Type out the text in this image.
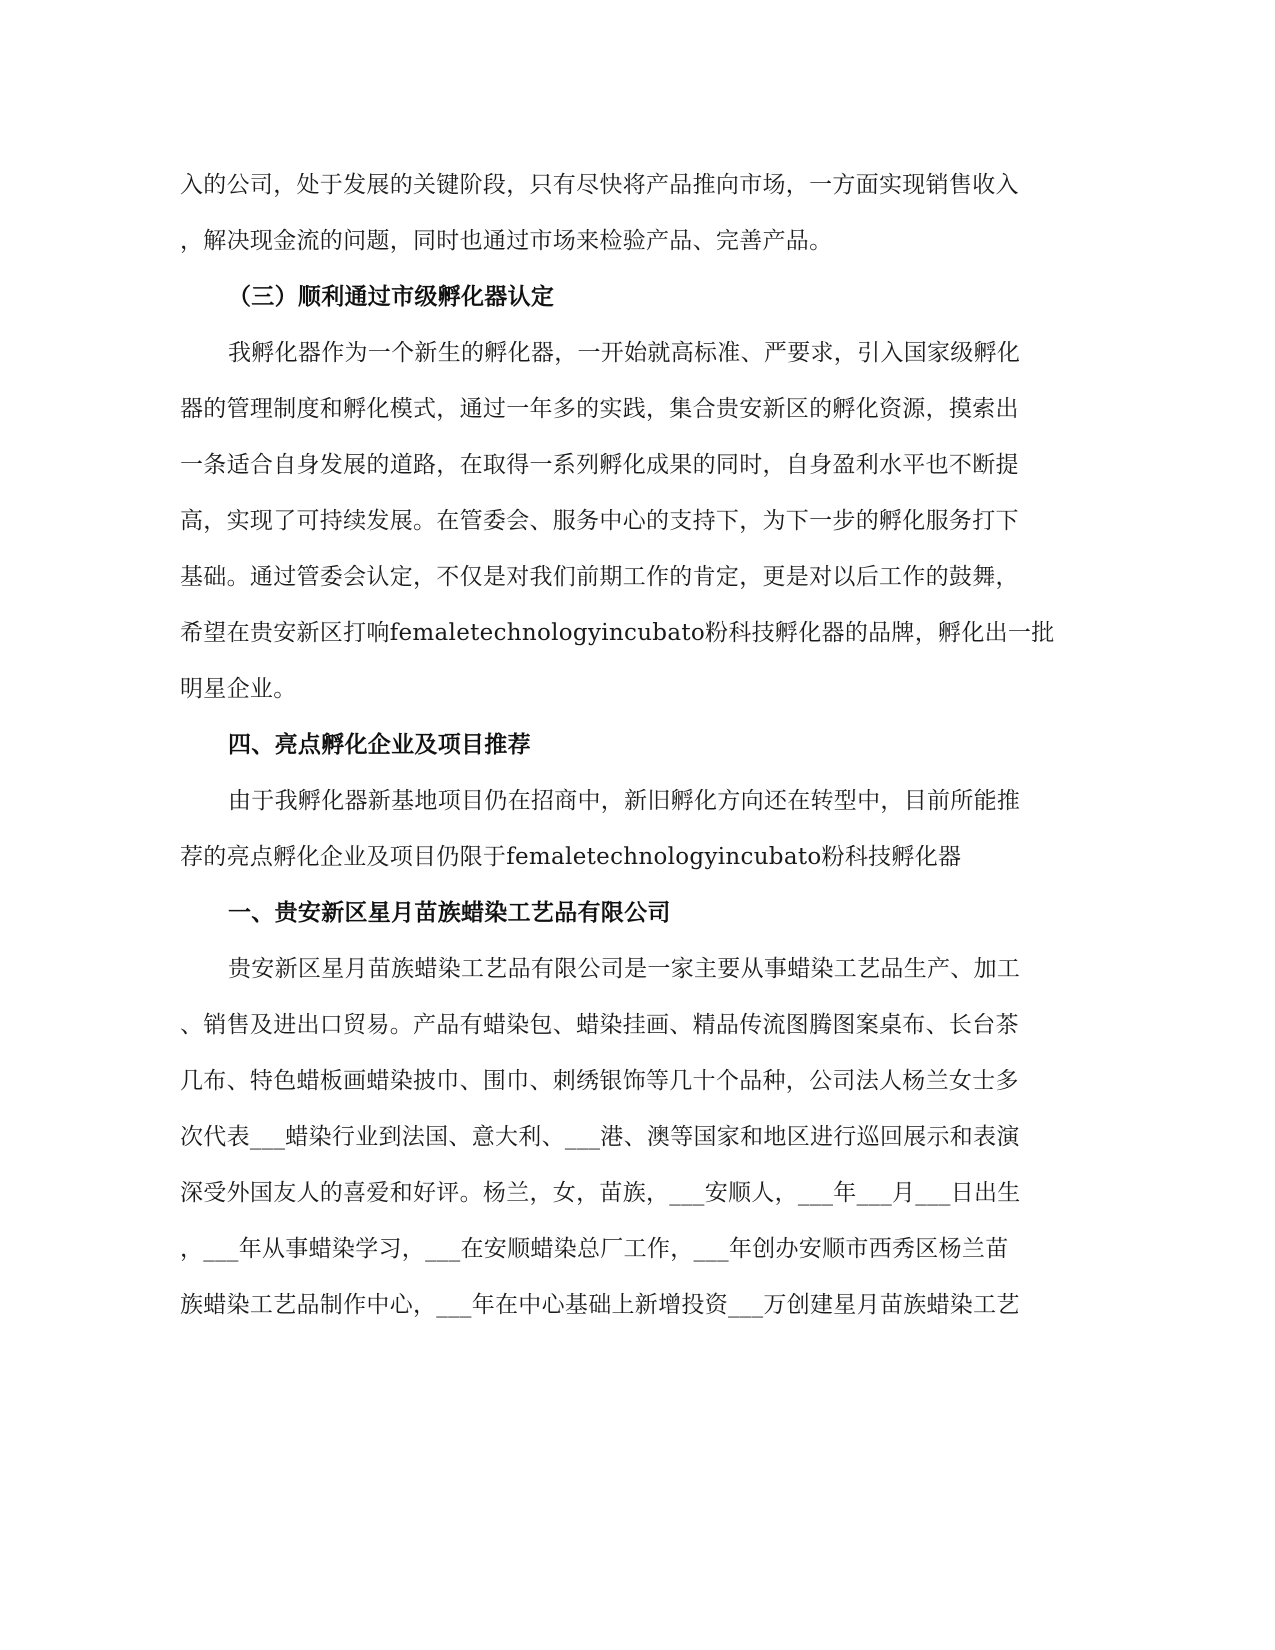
入的公司，处于发展的关键阶段，只有尽快将产品推向市场，一方面实现销售收入
，解决现金流的问题，同时也通过市场来检验产品、完善产品。
（三）顺利通过市级孵化器认定
我孵化器作为一个新生的孵化器，一开始就高标准、严要求，引入国家级孵化
器的管理制度和孵化模式，通过一年多的实践，集合贵安新区的孵化资源，摸索出
一条适合自身发展的道路，在取得一系列孵化成果的同时，自身盈利水平也不断提
高，实现了可持续发展。在管委会、服务中心的支持下，为下一步的孵化服务打下
基础。通过管委会认定，不仅是对我们前期工作的肯定，更是对以后工作的鼓舞，
希望在贵安新区打响femaletechnologyincubato粉科技孵化器的品牌，孵化出一批
明星企业。
四、亮点孵化企业及项目推荐
由于我孵化器新基地项目仍在招商中，新旧孵化方向还在转型中，目前所能推
荐的亮点孵化企业及项目仍限于femaletechnologyincubato粉科技孵化器
一、贵安新区星月苗族蜡染工艺品有限公司
贵安新区星月苗族蜡染工艺品有限公司是一家主要从事蜡染工艺品生产、加工
、销售及进出口贸易。产品有蜡染包、蜡染挂画、精品传流图腾图案桌布、长台茶
几布、特色蜡板画蜡染披巾、围巾、刺绣银饰等几十个品种，公司法人杨兰女士多
次代表___蜡染行业到法国、意大利、___港、澳等国家和地区进行巡回展示和表演
深受外国友人的喜爱和好评。杨兰，女，苗族，___安顺人，___年___月___日出生
，___年从事蜡染学习，___在安顺蜡染总厂工作，___年创办安顺市西秀区杨兰苗
族蜡染工艺品制作中心，___年在中心基础上新增投资___万创建星月苗族蜡染工艺
